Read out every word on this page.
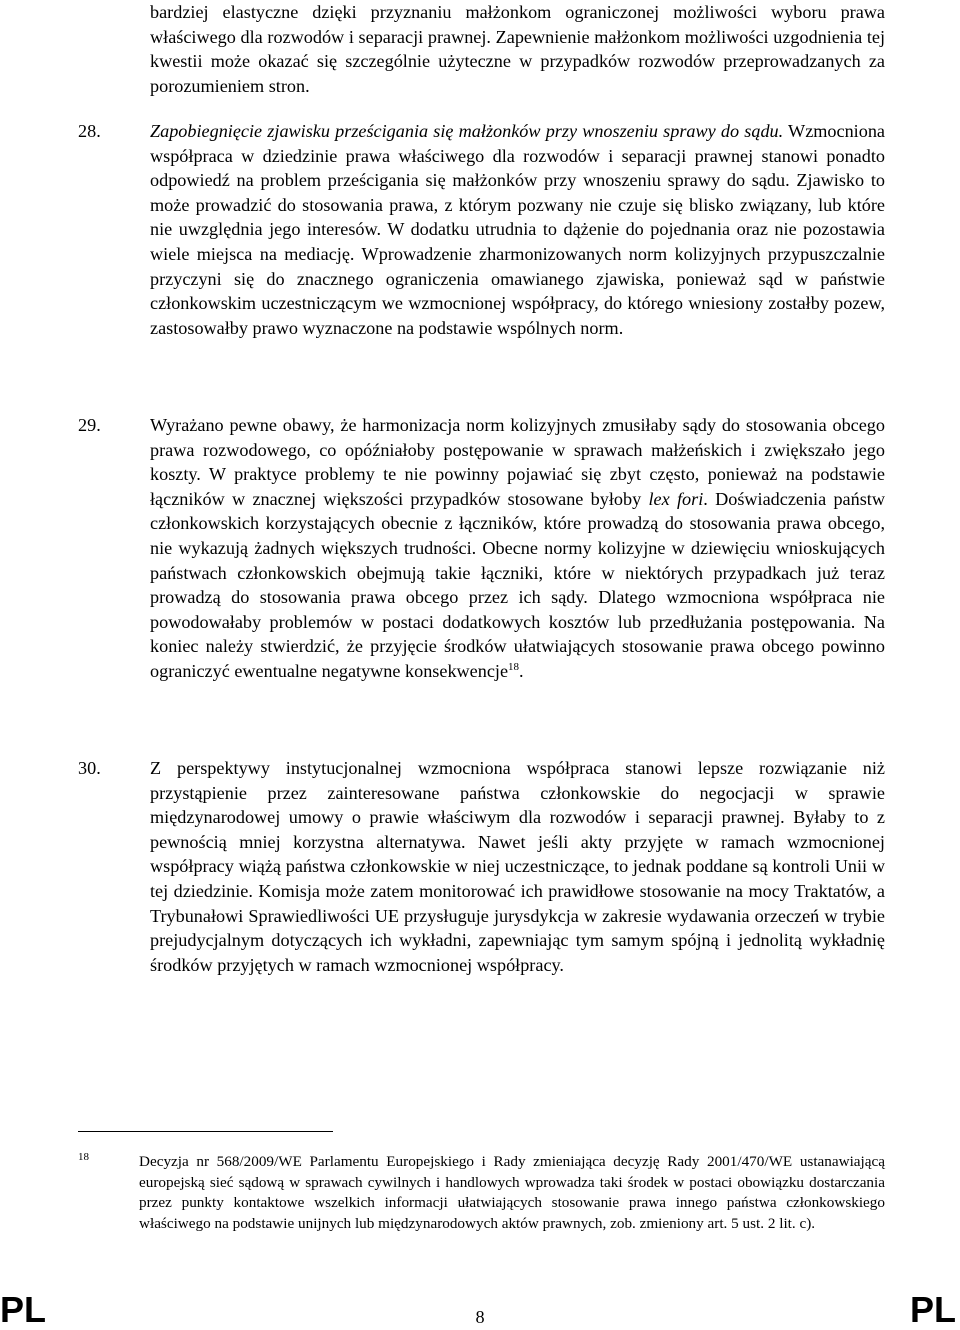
bardziej elastyczne dzięki przyznaniu małżonkom ograniczonej możliwości wyboru prawa właściwego dla rozwodów i separacji prawnej. Zapewnienie małżonkom możliwości uzgodnienia tej kwestii może okazać się szczególnie użyteczne w przypadków rozwodów przeprowadzanych za porozumieniem stron.

28.	Zapobiegnięcie zjawisku prześcigania się małżonków przy wnoszeniu sprawy do sądu. Wzmocniona współpraca w dziedzinie prawa właściwego dla rozwodów i separacji prawnej stanowi ponadto odpowiedź na problem prześcigania się małżonków przy wnoszeniu sprawy do sądu. Zjawisko to może prowadzić do stosowania prawa, z którym pozwany nie czuje się blisko związany, lub które nie uwzględnia jego interesów. W dodatku utrudnia to dążenie do pojednania oraz nie pozostawia wiele miejsca na mediację. Wprowadzenie zharmonizowanych norm kolizyjnych przypuszczalnie przyczyni się do znacznego ograniczenia omawianego zjawiska, ponieważ sąd w państwie członkowskim uczestniczącym we wzmocnionej współpracy, do którego wniesiony zostałby pozew, zastosowałby prawo wyznaczone na podstawie wspólnych norm.

29.	Wyrażano pewne obawy, że harmonizacja norm kolizyjnych zmusiłaby sądy do stosowania obcego prawa rozwodowego, co opóźniałoby postępowanie w sprawach małżeńskich i zwiększało jego koszty. W praktyce problemy te nie powinny pojawiać się zbyt często, ponieważ na podstawie łączników w znacznej większości przypadków stosowane byłoby lex fori. Doświadczenia państw członkowskich korzystających obecnie z łączników, które prowadzą do stosowania prawa obcego, nie wykazują żadnych większych trudności. Obecne normy kolizyjne w dziewięciu wnioskujących państwach członkowskich obejmują takie łączniki, które w niektórych przypadkach już teraz prowadzą do stosowania prawa obcego przez ich sądy. Dlatego wzmocniona współpraca nie powodowałaby problemów w postaci dodatkowych kosztów lub przedłużania postępowania. Na koniec należy stwierdzić, że przyjęcie środków ułatwiających stosowanie prawa obcego powinno ograniczyć ewentualne negatywne konsekwencje$^{18}$.

30.	Z perspektywy instytucjonalnej wzmocniona współpraca stanowi lepsze rozwiązanie niż przystąpienie przez zainteresowane państwa członkowskie do negocjacji w sprawie międzynarodowej umowy o prawie właściwym dla rozwodów i separacji prawnej. Byłaby to z pewnością mniej korzystna alternatywa. Nawet jeśli akty przyjęte w ramach wzmocnionej współpracy wiążą państwa członkowskie w niej uczestniczące, to jednak poddane są kontroli Unii w tej dziedzinie. Komisja może zatem monitorować ich prawidłowe stosowanie na mocy Traktatów, a Trybunałowi Sprawiedliwości UE przysługuje jurysdykcja w zakresie wydawania orzeczeń w trybie prejudycjalnym dotyczących ich wykładni, zapewniając tym samym spójną i jednolitą wykładnię środków przyjętych w ramach wzmocnionej współpracy.

18	Decyzja nr 568/2009/WE Parlamentu Europejskiego i Rady zmieniająca decyzję Rady 2001/470/WE ustanawiającą europejską sieć sądową w sprawach cywilnych i handlowych wprowadza taki środek w postaci obowiązku dostarczania przez punkty kontaktowe wszelkich informacji ułatwiających stosowanie prawa innego państwa członkowskiego właściwego na podstawie unijnych lub międzynarodowych aktów prawnych, zob. zmieniony art. 5 ust. 2 lit. c).

PL	8	PL
